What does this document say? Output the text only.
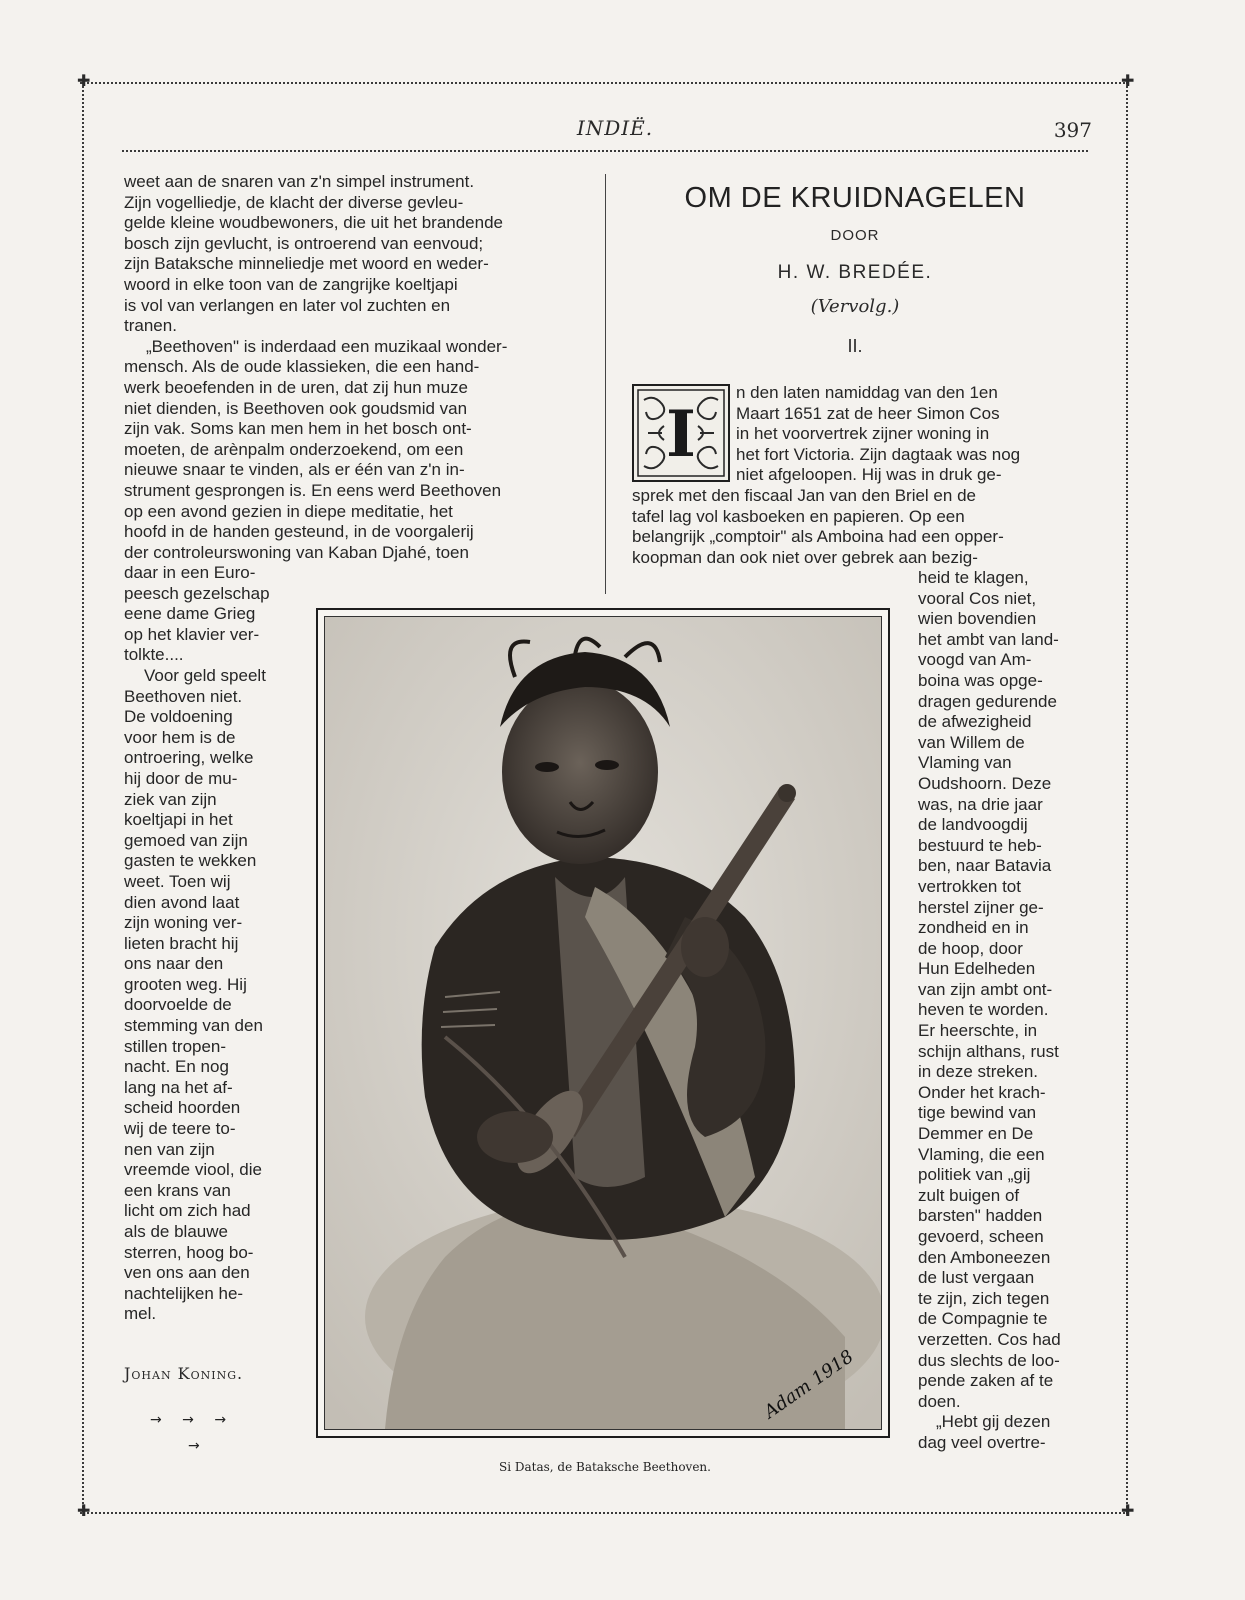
✚	✚
✚	✚
INDIË.	397

weet aan de snaren van z'n simpel instrument.

Zijn vogelliedje, de klacht der diverse gevleu-

gelde kleine woudbewoners, die uit het brandende

bosch zijn gevlucht, is ontroerend van eenvoud;

zijn Bataksche minneliedje met woord en weder-

woord in elke toon van de zangrijke koeltjapi

is vol van verlangen en later vol zuchten en

tranen.

„Beethoven" is inderdaad een muzikaal wonder-

mensch. Als de oude klassieken, die een hand-

werk beoefenden in de uren, dat zij hun muze

niet dienden, is Beethoven ook goudsmid van

zijn vak. Soms kan men hem in het bosch ont-

moeten, de arènpalm onderzoekend, om een

nieuwe snaar te vinden, als er één van z'n in-

strument gesprongen is. En eens werd Beethoven

op een avond gezien in diepe meditatie, het

hoofd in de handen gesteund, in de voorgalerij

der controleurswoning van Kaban Djahé, toen

daar in een Euro-

peesch gezelschap

eene dame Grieg

op het klavier ver-

tolkte....

Voor geld speelt

Beethoven niet.

De voldoening

voor hem is de

ontroering, welke

hij door de mu-

ziek van zijn

koeltjapi in het

gemoed van zijn

gasten te wekken

weet. Toen wij

dien avond laat

zijn woning ver-

lieten bracht hij

ons naar den

grooten weg. Hij

doorvoelde de

stemming van den

stillen tropen-

nacht. En nog

lang na het af-

scheid hoorden

wij de teere to-

nen van zijn

vreemde viool, die

een krans van

licht om zich had

als de blauwe

sterren, hoog bo-

ven ons aan den

nachtelijken he-

mel.

Johan Koning.
→ → →
→
OM DE KRUIDNAGELEN
DOOR
H. W. BREDÉE.
(Vervolg.)
II.
I

n den laten namiddag van den 1en

Maart 1651 zat de heer Simon Cos

in het voorvertrek zijner woning in

het fort Victoria. Zijn dagtaak was nog

niet afgeloopen. Hij was in druk ge-

sprek met den fiscaal Jan van den Briel en de

tafel lag vol kasboeken en papieren. Op een

belangrijk „comptoir" als Amboina had een opper-

koopman dan ook niet over gebrek aan bezig-

heid te klagen,

vooral Cos niet,

wien bovendien

het ambt van land-

voogd van Am-

boina was opge-

dragen gedurende

de afwezigheid

van Willem de

Vlaming van

Oudshoorn. Deze

was, na drie jaar

de landvoogdij

bestuurd te heb-

ben, naar Batavia

vertrokken tot

herstel zijner ge-

zondheid en in

de hoop, door

Hun Edelheden

van zijn ambt ont-

heven te worden.

Er heerschte, in

schijn althans, rust

in deze streken.

Onder het krach-

tige bewind van

Demmer en De

Vlaming, die een

politiek van „gij

zult buigen of

barsten" hadden

gevoerd, scheen

den Amboneezen

de lust vergaan

te zijn, zich tegen

de Compagnie te

verzetten. Cos had

dus slechts de loo-

pende zaken af te

doen.

„Hebt gij dezen

dag veel overtre-

Adam 1918
Si Datas, de Bataksche Beethoven.
